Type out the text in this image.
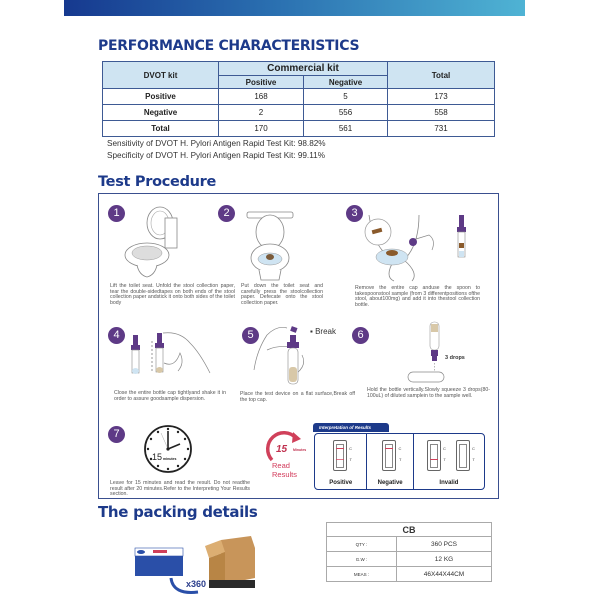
PERFORMANCE CHARACTERISTICS
DVOT kit	Commercial kit		Total
	Positive	Negative	
Positive	168	5	173
Negative	2	556	558
Total	170	561	731
Sensitivity of DVOT H. Pylori Antigen Rapid Test Kit: 98.82%
Specificity of DVOT H. Pylori Antigen Rapid Test Kit: 99.11%
Test Procedure
1
Lift the toilet seat. Unfold the stool collection paper, tear the double-sidedtapes on both ends of the stool collection paper andstick it onto both sides of the toilet body
2
Put down the toilet seat and carefully press the stoolcollection paper. Defecate onto the stool collection paper.
3
Remove the entire cap anduse the spoon to takespoonstool sample (from 3 differentpositions ofthe stool, about100mg) and add it into thestool collection bottle.
4
Close the entire bottle cap tightlyand shake it in order to assure goodsample dispersion.
5	▪ Break
Place the test device on a flat surface,Break off the top cap.
6
3 drops
Hold the bottle vertically.Slowly squeeze 3 drops(80-100uL) of diluted samplein to the sample well.
7
15minutes
Leave for 15 minutes and read the result. Do not readthe result after 20 minutes.Refer to the Interpreting Your Results section.
15 Minutes
Read
Results
Interpretation of Results
C
T
Positive
C
T
Negative
C
T
C
T
Invalid
The packing details
x360
CB	
QTY :	360 PCS
G.W :	12 KG
MEAS :	46X44X44CM
